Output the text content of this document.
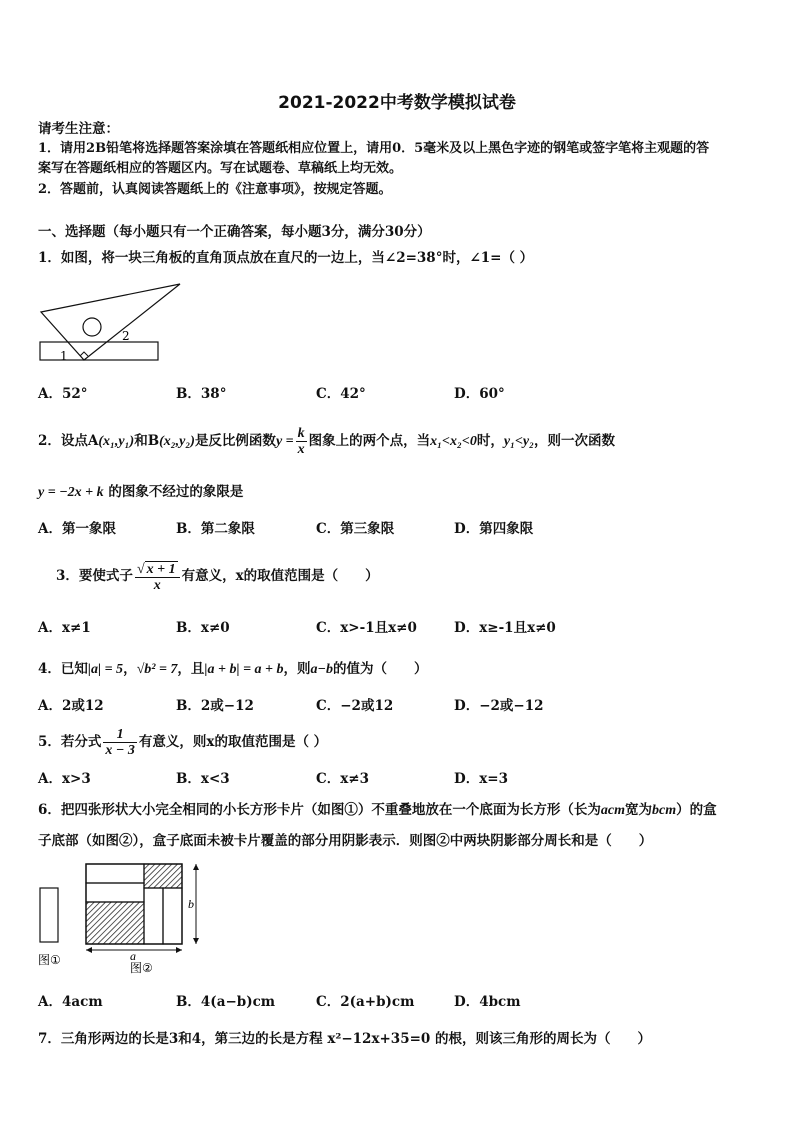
2021-2022中考数学模拟试卷
请考生注意：
1．请用2B铅笔将选择题答案涂填在答题纸相应位置上，请用0．5毫米及以上黑色字迹的钢笔或签字笔将主观题的答
案写在答题纸相应的答题区内。写在试题卷、草稿纸上均无效。
2．答题前，认真阅读答题纸上的《注意事项》，按规定答题。
一、选择题（每小题只有一个正确答案，每小题3分，满分30分）
1．如图，将一块三角板的直角顶点放在直尺的一边上，当∠2=38°时，∠1=（ ）
1
2
A．52°	B．38°	C．42°	D．60°
2．设点A(x₁,y₁)和B(x₂,y₂)是反比例函数$y = \frac{k}{x}$ 图象上的两个点，当x₁<x₂<0时，y₁<y₂，则一次函数
y = −2x + k 的图象不经过的象限是
A．第一象限	B．第二象限	C．第三象限	D．第四象限
3．要使式子 $\frac{√ x + 1}{x}$ 有意义，x的取值范围是（　　）
A．x≠1	B．x≠0	C．x>-1且x≠0	D．x≥-1且x≠0
4．已知|a| = 5，√b² = 7，且|a + b| = a + b，则a−b的值为（　　）
A．2或12	B．2或−12	C．−2或12	D．−2或−12
5．若分式 $\frac{1}{x - 3}$ 有意义，则x的取值范围是（ ）
A．x>3	B．x<3	C．x≠3	D．x=3
6．把四张形状大小完全相同的小长方形卡片（如图①）不重叠地放在一个底面为长方形（长为acm宽为bcm）的盒
子底部（如图②），盒子底面未被卡片覆盖的部分用阴影表示．则图②中两块阴影部分周长和是（　　）
图①	a
b
图②
A．4acm	B．4(a−b)cm	C．2(a+b)cm	D．4bcm
7．三角形两边的长是3和4，第三边的长是方程 x²−12x+35=0 的根，则该三角形的周长为（　　）
